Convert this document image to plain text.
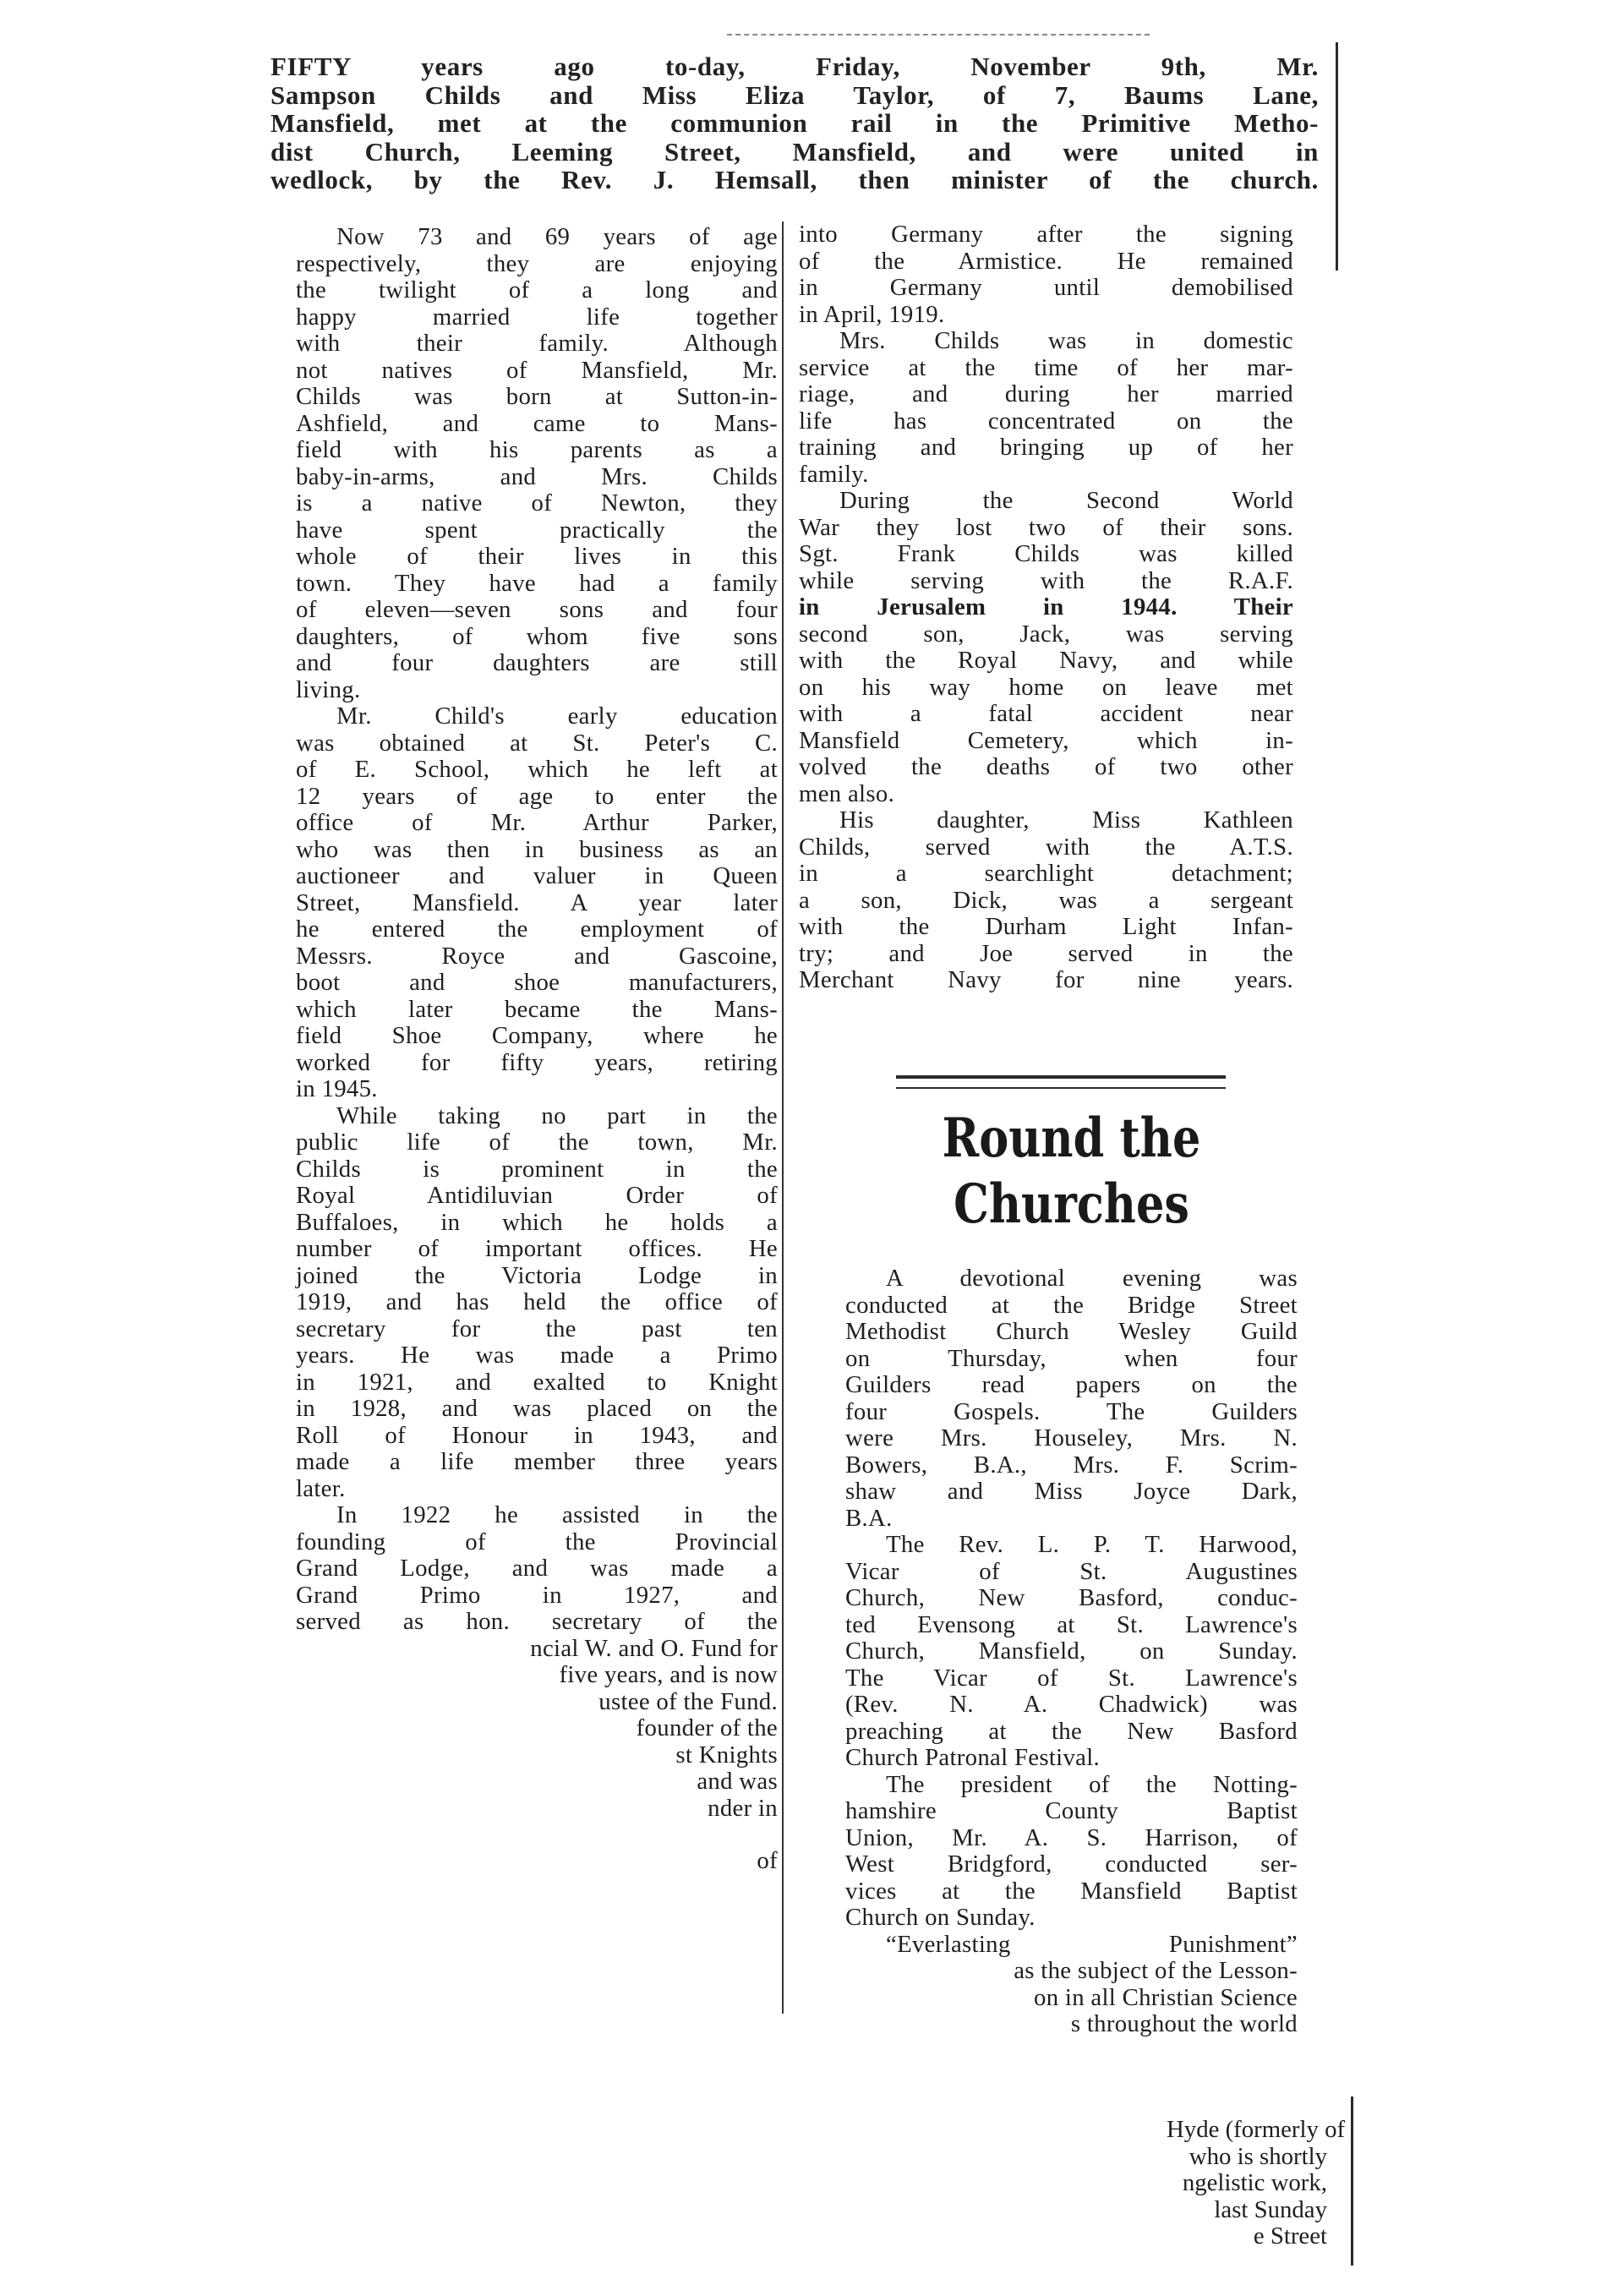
FIFTY years ago to-day, Friday, November 9th, Mr.

Sampson Childs and Miss Eliza Taylor, of 7, Baums Lane,

Mansfield, met at the communion rail in the Primitive Metho-

dist Church, Leeming Street, Mansfield, and were united in

wedlock, by the Rev. J. Hemsall, then minister of the church.

Now 73 and 69 years of age

respectively, they are enjoying

the twilight of a long and

happy married life together

with their family. Although

not natives of Mansfield, Mr.

Childs was born at Sutton-in-

Ashfield, and came to Mans-

field with his parents as a

baby-in-arms, and Mrs. Childs

is a native of Newton, they

have spent practically the

whole of their lives in this

town. They have had a family

of eleven—seven sons and four

daughters, of whom five sons

and four daughters are still

living.

Mr. Child's early education

was obtained at St. Peter's C.

of E. School, which he left at

12 years of age to enter the

office of Mr. Arthur Parker,

who was then in business as an

auctioneer and valuer in Queen

Street, Mansfield. A year later

he entered the employment of

Messrs. Royce and Gascoine,

boot and shoe manufacturers,

which later became the Mans-

field Shoe Company, where he

worked for fifty years, retiring

in 1945.

While taking no part in the

public life of the town, Mr.

Childs is prominent in the

Royal Antidiluvian Order of

Buffaloes, in which he holds a

number of important offices. He

joined the Victoria Lodge in

1919, and has held the office of

secretary for the past ten

years. He was made a Primo

in 1921, and exalted to Knight

in 1928, and was placed on the

Roll of Honour in 1943, and

made a life member three years

later.

In 1922 he assisted in the

founding of the Provincial

Grand Lodge, and was made a

Grand Primo in 1927, and

served as hon. secretary of the

ncial W. and O. Fund for

five years, and is now

ustee of the Fund.

founder of the

st Knights

and was

nder in

of

into Germany after the signing

of the Armistice. He remained

in Germany until demobilised

in April, 1919.

Mrs. Childs was in domestic

service at the time of her mar-

riage, and during her married

life has concentrated on the

training and bringing up of her

family.

During the Second World

War they lost two of their sons.

Sgt. Frank Childs was killed

while serving with the R.A.F.

in Jerusalem in 1944. Their

second son, Jack, was serving

with the Royal Navy, and while

on his way home on leave met

with a fatal accident near

Mansfield Cemetery, which in-

volved the deaths of two other

men also.

His daughter, Miss Kathleen

Childs, served with the A.T.S.

in a searchlight detachment;

a son, Dick, was a sergeant

with the Durham Light Infan-

try; and Joe served in the

Merchant Navy for nine years.

Round the
Churches

A devotional evening was

conducted at the Bridge Street

Methodist Church Wesley Guild

on Thursday, when four

Guilders read papers on the

four Gospels. The Guilders

were Mrs. Houseley, Mrs. N.

Bowers, B.A., Mrs. F. Scrim-

shaw and Miss Joyce Dark,

B.A.

The Rev. L. P. T. Harwood,

Vicar of St. Augustines

Church, New Basford, conduc-

ted Evensong at St. Lawrence's

Church, Mansfield, on Sunday.

The Vicar of St. Lawrence's

(Rev. N. A. Chadwick) was

preaching at the New Basford

Church Patronal Festival.

The president of the Notting-

hamshire County Baptist

Union, Mr. A. S. Harrison, of

West Bridgford, conducted ser-

vices at the Mansfield Baptist

Church on Sunday.

“Everlasting Punishment”

as the subject of the Lesson-

on in all Christian Science

s throughout the world

Hyde (formerly of

who is shortly

ngelistic work,

last Sunday

e Street
